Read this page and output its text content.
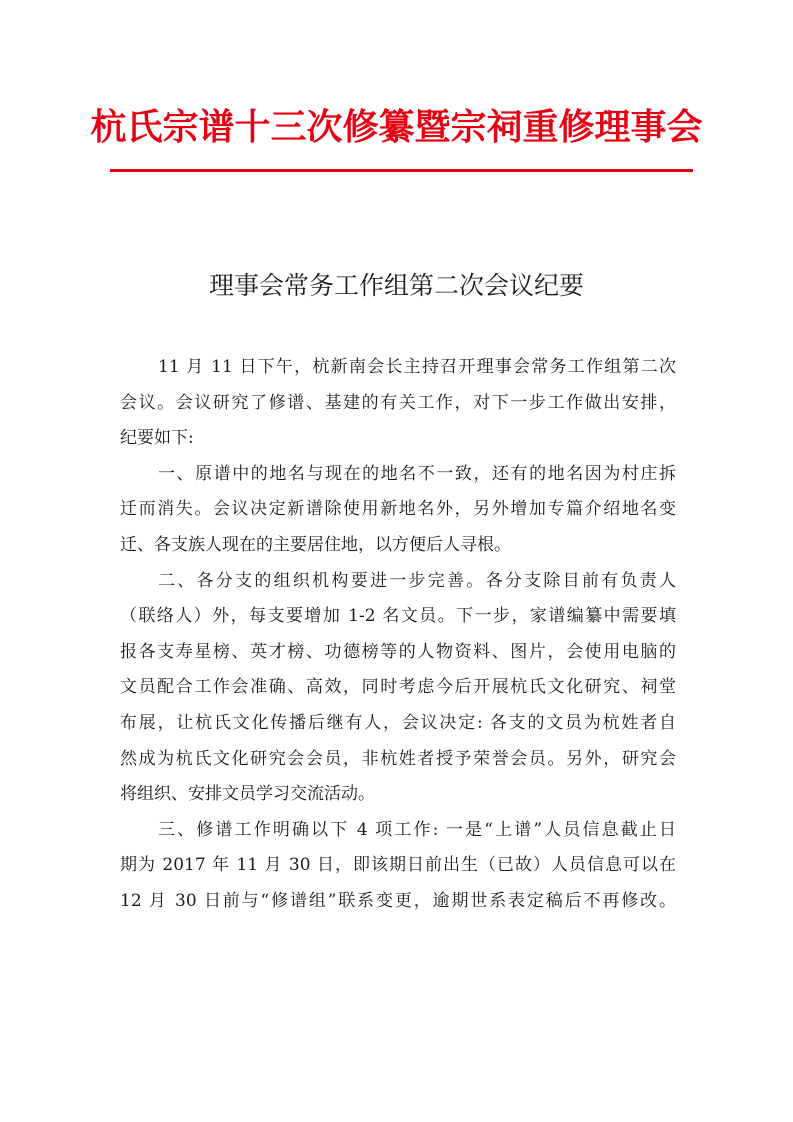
杭氏宗谱十三次修纂暨宗祠重修理事会
理事会常务工作组第二次会议纪要
11 月 11 日下午，杭新南会长主持召开理事会常务工作组第二次
会议。会议研究了修谱、基建的有关工作，对下一步工作做出安排，
纪要如下:
一、原谱中的地名与现在的地名不一致，还有的地名因为村庄拆
迁而消失。会议决定新谱除使用新地名外，另外增加专篇介绍地名变
迁、各支族人现在的主要居住地，以方便后人寻根。
二、各分支的组织机构要进一步完善。各分支除目前有负责人
（联络人）外，每支要增加 1-2 名文员。下一步，家谱编纂中需要填
报各支寿星榜、英才榜、功德榜等的人物资料、图片，会使用电脑的
文员配合工作会准确、高效，同时考虑今后开展杭氏文化研究、祠堂
布展，让杭氏文化传播后继有人，会议决定: 各支的文员为杭姓者自
然成为杭氏文化研究会会员，非杭姓者授予荣誉会员。另外，研究会
将组织、安排文员学习交流活动。
三、修谱工作明确以下 4 项工作: 一是“上谱”人员信息截止日
期为 2017 年 11 月 30 日，即该期日前出生（已故）人员信息可以在
12 月 30 日前与“修谱组”联系变更，逾期世系表定稿后不再修改。
